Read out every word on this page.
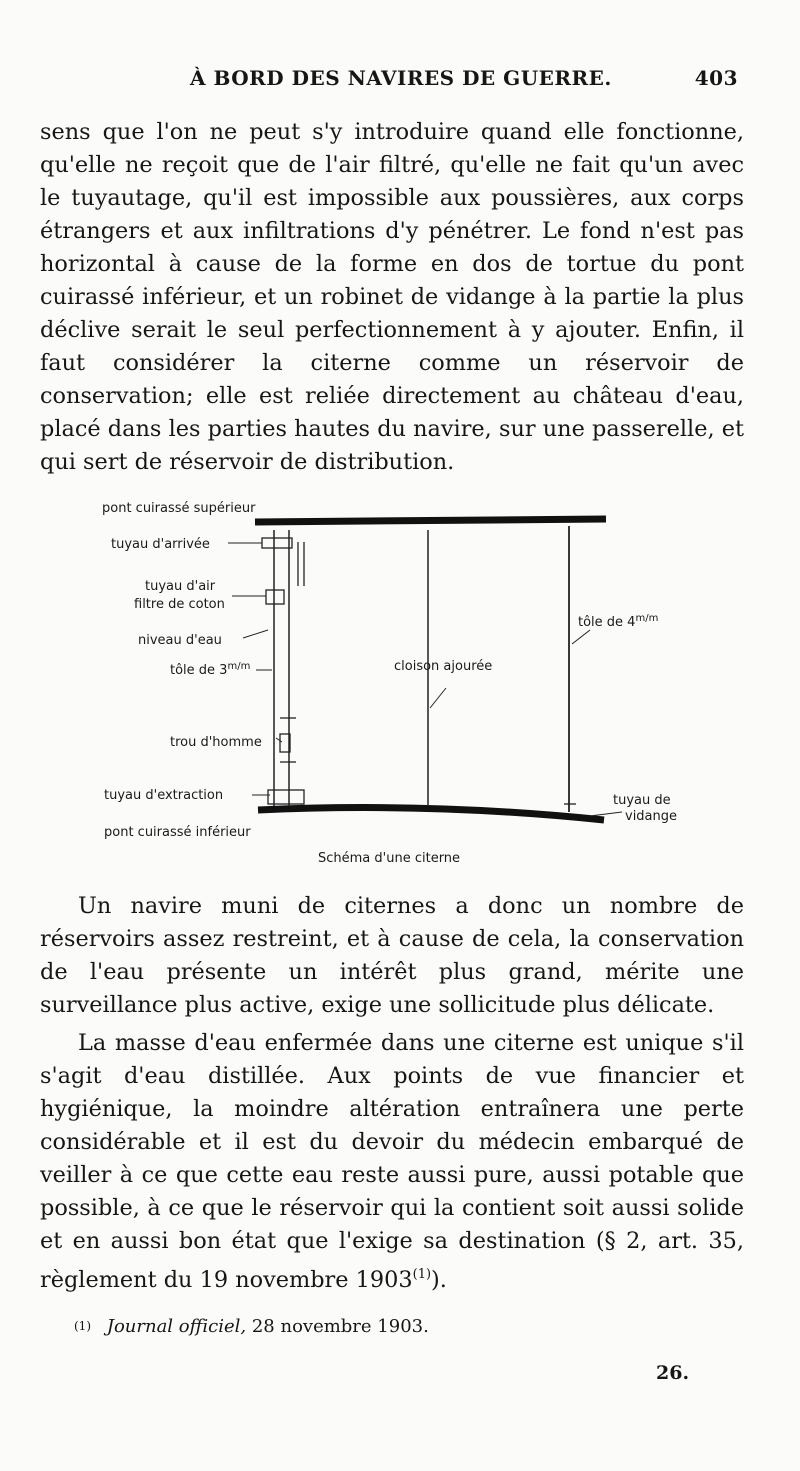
À BORD DES NAVIRES DE GUERRE.	403

sens que l'on ne peut s'y introduire quand elle fonctionne, qu'elle ne reçoit que de l'air filtré, qu'elle ne fait qu'un avec le tuyautage, qu'il est impossible aux poussières, aux corps étrangers et aux infiltrations d'y pénétrer. Le fond n'est pas horizontal à cause de la forme en dos de tortue du pont cuirassé inférieur, et un robinet de vidange à la partie la plus déclive serait le seul perfectionnement à y ajouter. Enfin, il faut considérer la citerne comme un réservoir de conservation; elle est reliée directement au château d'eau, placé dans les parties hautes du navire, sur une passerelle, et qui sert de réservoir de distribution.

pont cuirassé supérieur
tuyau d'arrivée
tuyau d'air
filtre de coton
niveau d'eau
tôle de $3^{m/m}$	cloison ajourée
tôle de $4^{m/m}$
trou d'homme
tuyau d'extraction
pont cuirassé inférieur
tuyau de
vidange
Schéma d'une citerne

Un navire muni de citernes a donc un nombre de réservoirs assez restreint, et à cause de cela, la conservation de l'eau présente un intérêt plus grand, mérite une surveillance plus active, exige une sollicitude plus délicate.

La masse d'eau enfermée dans une citerne est unique s'il s'agit d'eau distillée. Aux points de vue financier et hygiénique, la moindre altération entraînera une perte considérable et il est du devoir du médecin embarqué de veiller à ce que cette eau reste aussi pure, aussi potable que possible, à ce que le réservoir qui la contient soit aussi solide et en aussi bon état que l'exige sa destination (§ 2, art. 35, règlement du 19 novembre 1903$^{(1)}$).

(1) Journal officiel, 28 novembre 1903.
26.
